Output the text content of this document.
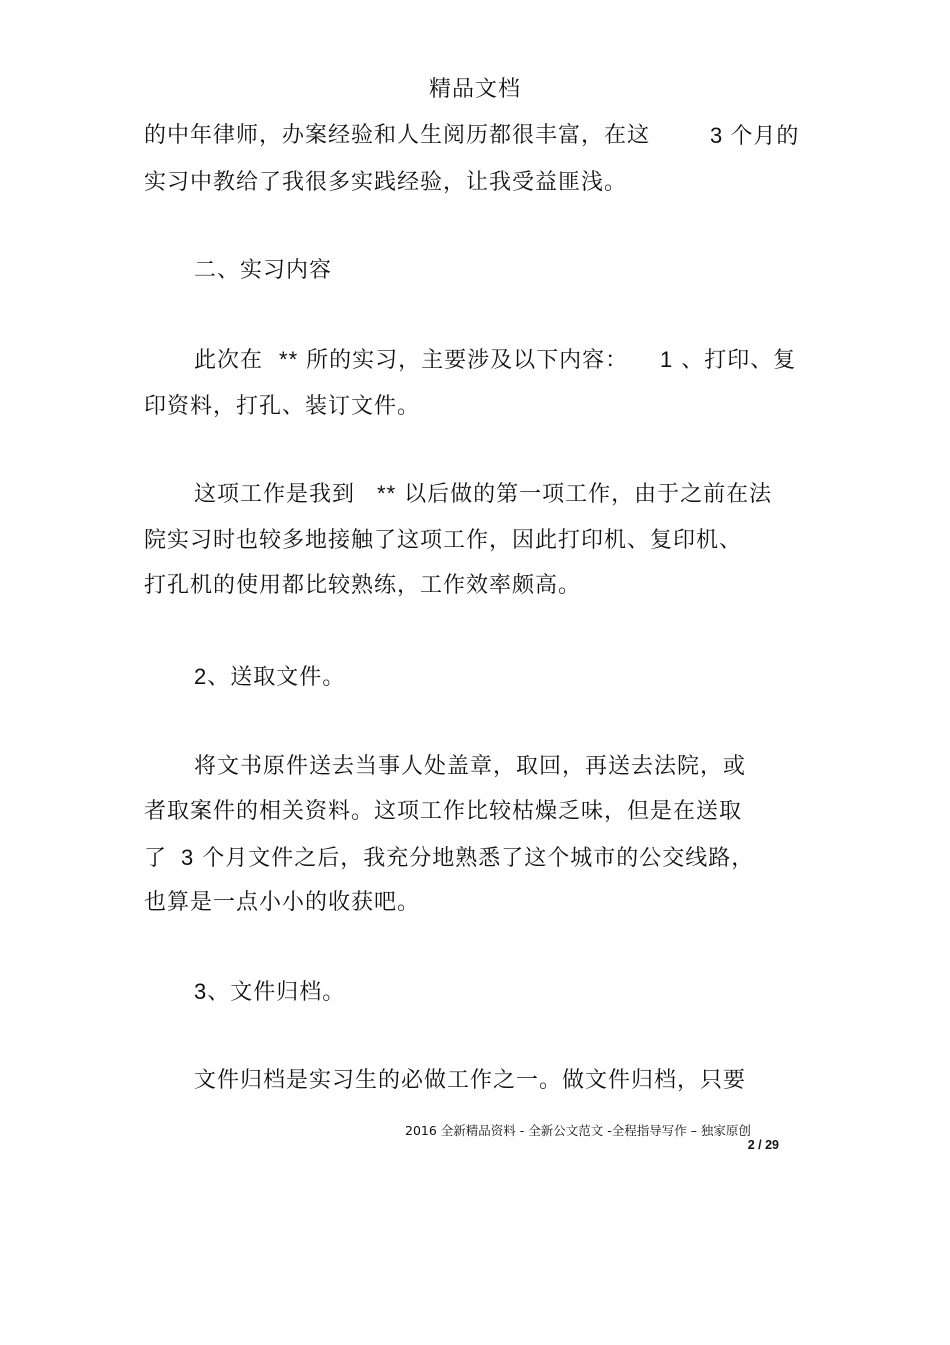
精品文档
的中年律师，办案经验和人生阅历都很丰富，在这	3 个月的
实习中教给了我很多实践经验，让我受益匪浅。
二、实习内容
此次在 ** 所的实习，主要涉及以下内容： 1 、打印、复
印资料，打孔、装订文件。
这项工作是我到 ** 以后做的第一项工作，由于之前在法
院实习时也较多地接触了这项工作，因此打印机、复印机、
打孔机的使用都比较熟练，工作效率颇高。
2、送取文件。
将文书原件送去当事人处盖章，取回，再送去法院，或
者取案件的相关资料。这项工作比较枯燥乏味，但是在送取
了 3 个月文件之后，我充分地熟悉了这个城市的公交线路，
也算是一点小小的收获吧。
3、文件归档。
文件归档是实习生的必做工作之一。做文件归档，只要
2016 全新精品资料 - 全新公文范文 -全程指导写作 – 独家原创
2 / 29
